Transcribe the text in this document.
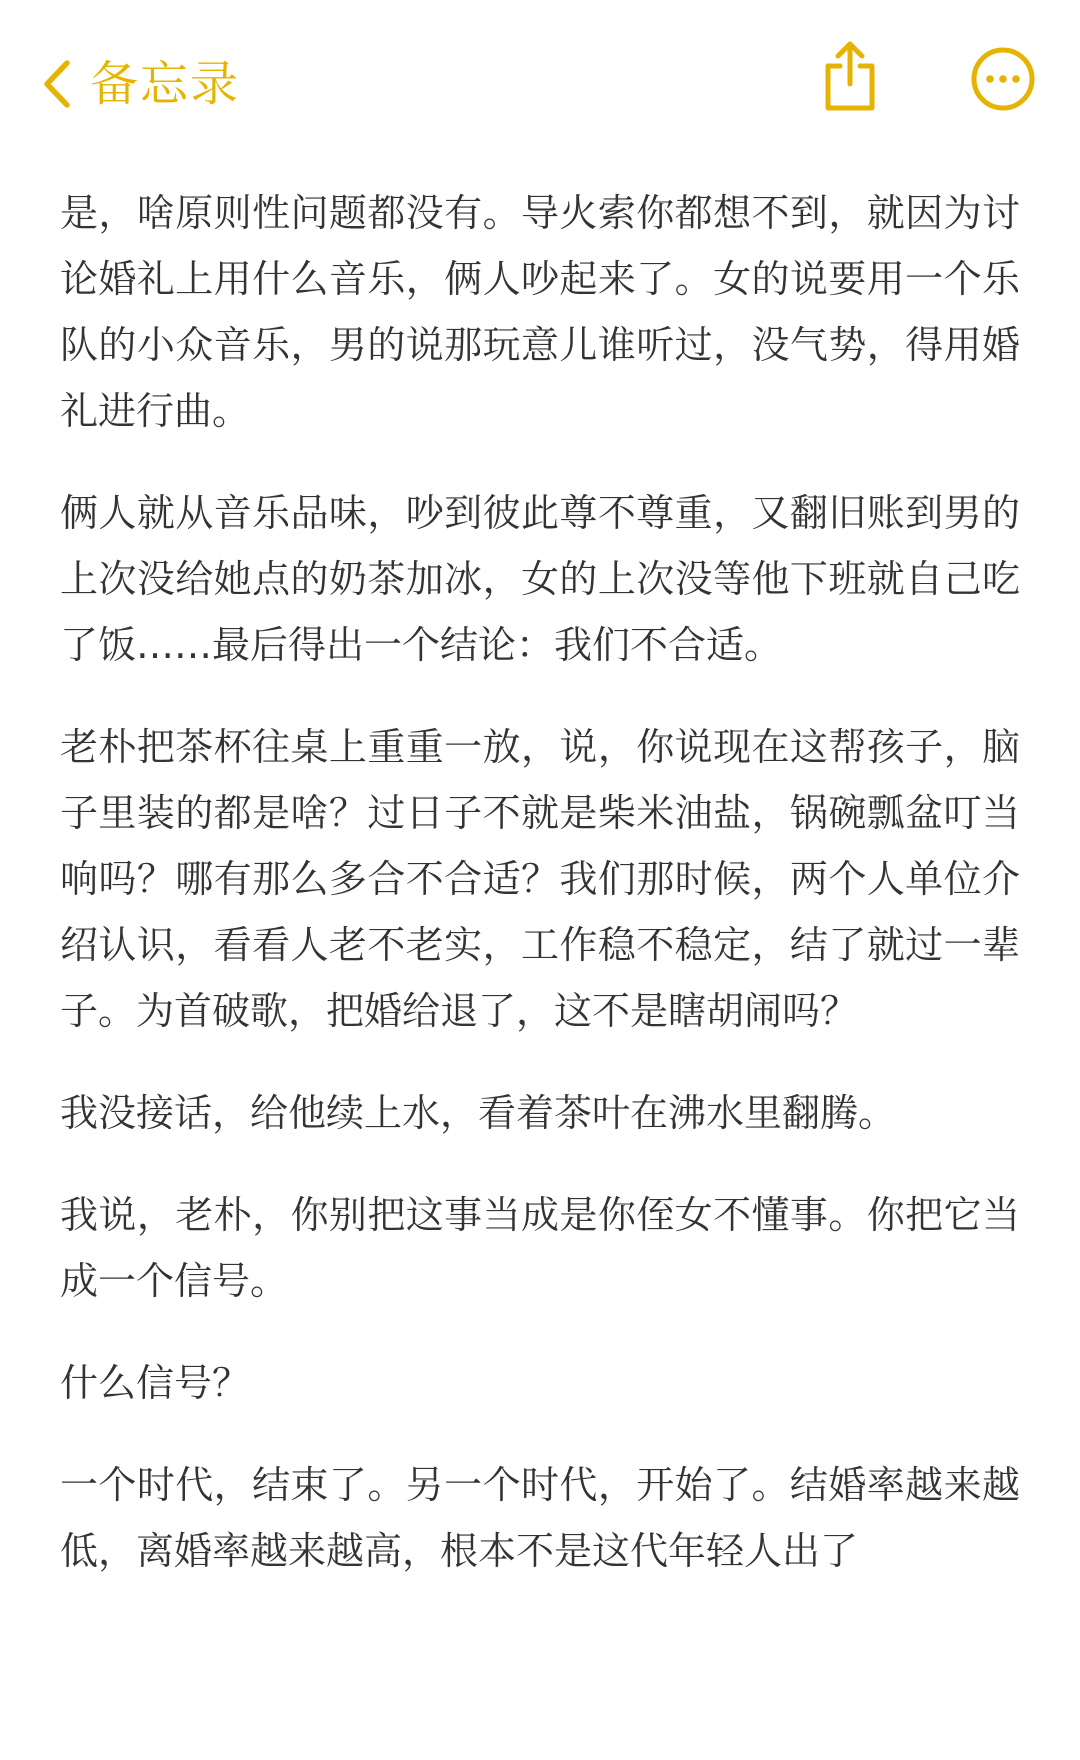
备忘录

是，啥原则性问题都没有。导火索你都想不到，就因为讨论婚礼上用什么音乐，俩人吵起来了。女的说要用一个乐队的小众音乐，男的说那玩意儿谁听过，没气势，得用婚礼进行曲。

俩人就从音乐品味，吵到彼此尊不尊重，又翻旧账到男的上次没给她点的奶茶加冰，女的上次没等他下班就自己吃了饭……最后得出一个结论：我们不合适。

老朴把茶杯往桌上重重一放，说，你说现在这帮孩子，脑子里装的都是啥？过日子不就是柴米油盐，锅碗瓢盆叮当响吗？哪有那么多合不合适？我们那时候，两个人单位介绍认识，看看人老不老实，工作稳不稳定，结了就过一辈子。为首破歌，把婚给退了，这不是瞎胡闹吗？

我没接话，给他续上水，看着茶叶在沸水里翻腾。

我说，老朴，你别把这事当成是你侄女不懂事。你把它当成一个信号。

什么信号？

一个时代，结束了。另一个时代，开始了。结婚率越来越低，离婚率越来越高，根本不是这代年轻人出了
